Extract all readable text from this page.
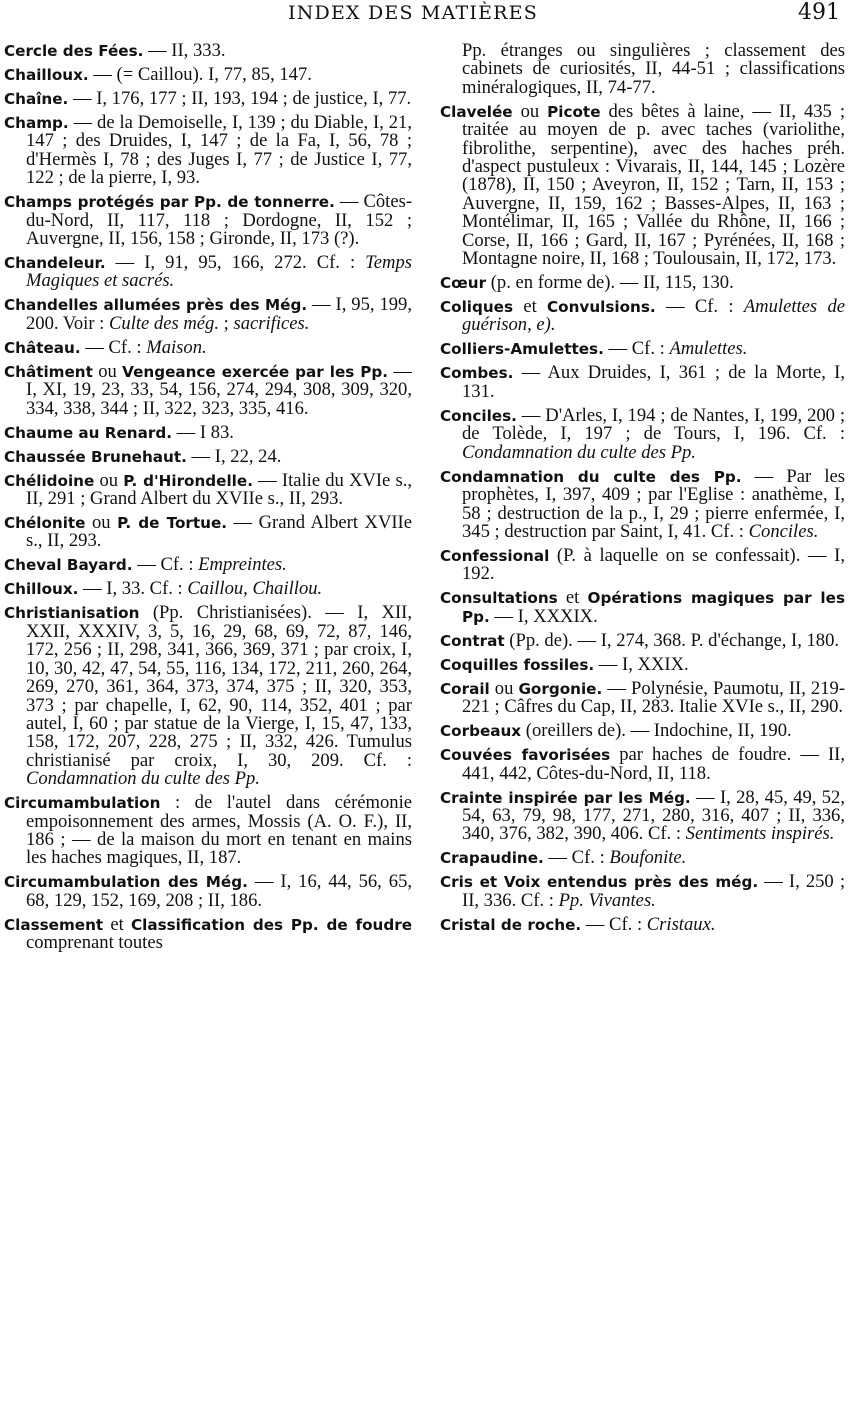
INDEX DES MATIÈRES	491
Cercle des Fées. — II, 333.
Chailloux. — (= Caillou). I, 77, 85, 147.
Chaîne. — I, 176, 177 ; II, 193, 194 ; de justice, I, 77.
Champ. — de la Demoiselle, I, 139 ; du Diable, I, 21, 147 ; des Druides, I, 147 ; de la Fa, I, 56, 78 ; d'Hermès I, 78 ; des Juges I, 77 ; de Justice I, 77, 122 ; de la pierre, I, 93.
Champs protégés par Pp. de tonnerre. — Côtes-du-Nord, II, 117, 118 ; Dordogne, II, 152 ; Auvergne, II, 156, 158 ; Gironde, II, 173 (?).
Chandeleur. — I, 91, 95, 166, 272. Cf. : Temps Magiques et sacrés.
Chandelles allumées près des Még. — I, 95, 199, 200. Voir : Culte des még. ; sacrifices.
Château. — Cf. : Maison.
Châtiment ou Vengeance exercée par les Pp. — I, XI, 19, 23, 33, 54, 156, 274, 294, 308, 309, 320, 334, 338, 344 ; II, 322, 323, 335, 416.
Chaume au Renard. — I 83.
Chaussée Brunehaut. — I, 22, 24.
Chélidoine ou P. d'Hirondelle. — Italie du XVIe s., II, 291 ; Grand Albert du XVIIe s., II, 293.
Chélonite ou P. de Tortue. — Grand Albert XVIIe s., II, 293.
Cheval Bayard. — Cf. : Empreintes.
Chilloux. — I, 33. Cf. : Caillou, Chaillou.
Christianisation (Pp. Christianisées). — I, XII, XXII, XXXIV, 3, 5, 16, 29, 68, 69, 72, 87, 146, 172, 256 ; II, 298, 341, 366, 369, 371 ; par croix, I, 10, 30, 42, 47, 54, 55, 116, 134, 172, 211, 260, 264, 269, 270, 361, 364, 373, 374, 375 ; II, 320, 353, 373 ; par chapelle, I, 62, 90, 114, 352, 401 ; par autel, I, 60 ; par statue de la Vierge, I, 15, 47, 133, 158, 172, 207, 228, 275 ; II, 332, 426. Tumulus christianisé par croix, I, 30, 209. Cf. : Condamnation du culte des Pp.
Circumambulation : de l'autel dans cérémonie empoisonnement des armes, Mossis (A. O. F.), II, 186 ; — de la maison du mort en tenant en mains les haches magiques, II, 187.
Circumambulation des Még. — I, 16, 44, 56, 65, 68, 129, 152, 169, 208 ; II, 186.
Classement et Classification des Pp. de foudre comprenant toutes
Pp. étranges ou singulières ; classement des cabinets de curiosités, II, 44-51 ; classifications minéralogiques, II, 74-77.
Clavelée ou Picote des bêtes à laine, — II, 435 ; traitée au moyen de p. avec taches (variolithe, fibrolithe, serpentine), avec des haches préh. d'aspect pustuleux : Vivarais, II, 144, 145 ; Lozère (1878), II, 150 ; Aveyron, II, 152 ; Tarn, II, 153 ; Auvergne, II, 159, 162 ; Basses-Alpes, II, 163 ; Montélimar, II, 165 ; Vallée du Rhône, II, 166 ; Corse, II, 166 ; Gard, II, 167 ; Pyrénées, II, 168 ; Montagne noire, II, 168 ; Toulousain, II, 172, 173.
Cœur (p. en forme de). — II, 115, 130.
Coliques et Convulsions. — Cf. : Amulettes de guérison, e).
Colliers-Amulettes. — Cf. : Amulettes.
Combes. — Aux Druides, I, 361 ; de la Morte, I, 131.
Conciles. — D'Arles, I, 194 ; de Nantes, I, 199, 200 ; de Tolède, I, 197 ; de Tours, I, 196. Cf. : Condamnation du culte des Pp.
Condamnation du culte des Pp. — Par les prophètes, I, 397, 409 ; par l'Eglise : anathème, I, 58 ; destruction de la p., I, 29 ; pierre enfermée, I, 345 ; destruction par Saint, I, 41. Cf. : Conciles.
Confessional (P. à laquelle on se confessait). — I, 192.
Consultations et Opérations magiques par les Pp. — I, XXXIX.
Contrat (Pp. de). — I, 274, 368. P. d'échange, I, 180.
Coquilles fossiles. — I, XXIX.
Corail ou Gorgonie. — Polynésie, Paumotu, II, 219-221 ; Câfres du Cap, II, 283. Italie XVIe s., II, 290.
Corbeaux (oreillers de). — Indochine, II, 190.
Couvées favorisées par haches de foudre. — II, 441, 442, Côtes-du-Nord, II, 118.
Crainte inspirée par les Még. — I, 28, 45, 49, 52, 54, 63, 79, 98, 177, 271, 280, 316, 407 ; II, 336, 340, 376, 382, 390, 406. Cf. : Sentiments inspirés.
Crapaudine. — Cf. : Boufonite.
Cris et Voix entendus près des még. — I, 250 ; II, 336. Cf. : Pp. Vivantes.
Cristal de roche. — Cf. : Cristaux.
